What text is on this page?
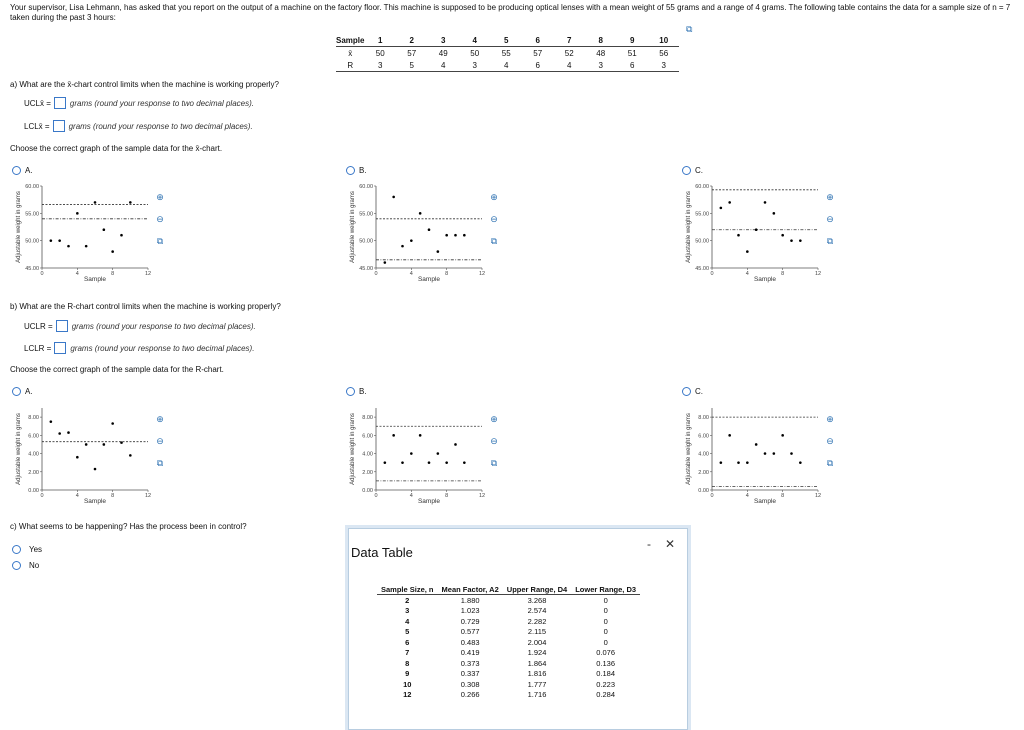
Your supervisor, Lisa Lehmann, has asked that you report on the output of a machine on the factory floor. This machine is supposed to be producing optical lenses with a mean weight of 55 grams and a range of 4 grams. The following table contains the data for a sample size of n = 7 taken during the past 3 hours:
⧉
Sample	1	2	3	4	5	6	7	8	9	10
x̄	50	57	49	50	55	57	52	48	51	56
R	3	5	4	3	4	6	4	3	6	3
a) What are the x̄-chart control limits when the machine is working properly?
UCLx̄ = grams (round your response to two decimal places).
LCLx̄ = grams (round your response to two decimal places).
Choose the correct graph of the sample data for the x̄-chart.
b) What are the R-chart control limits when the machine is working properly?
UCLR = grams (round your response to two decimal places).
LCLR = grams (round your response to two decimal places).
Choose the correct graph of the sample data for the R-chart.
c) What seems to be happening? Has the process been in control?
Yes
No
A.	B.	C.
A.	B.	C.
45.00
50.00
55.00
60.00
0	4	8	12
Sample
Adjustable weight in grams	⊕
⊖
⧉
45.00
50.00
55.00
60.00
0	4	8	12
Sample
Adjustable weight in grams	⊕
⊖
⧉
45.00
50.00
55.00
60.00
0	4	8	12
Sample
Adjustable weight in grams	⊕
⊖
⧉
0.00
2.00
4.00
6.00
8.00
0	4	8	12
Sample
Adjustable weight in grams	⊕
⊖
⧉
0.00
2.00
4.00
6.00
8.00
0	4	8	12
Sample
Adjustable weight in grams	⊕
⊖
⧉
0.00
2.00
4.00
6.00
8.00
0	4	8	12
Sample
Adjustable weight in grams	⊕
⊖
⧉
Data Table
- ✕
Sample Size, n	Mean Factor, A2	Upper Range, D4	Lower Range, D3
2	1.880	3.268	0
3	1.023	2.574	0
4	0.729	2.282	0
5	0.577	2.115	0
6	0.483	2.004	0
7	0.419	1.924	0.076
8	0.373	1.864	0.136
9	0.337	1.816	0.184
10	0.308	1.777	0.223
12	0.266	1.716	0.284
